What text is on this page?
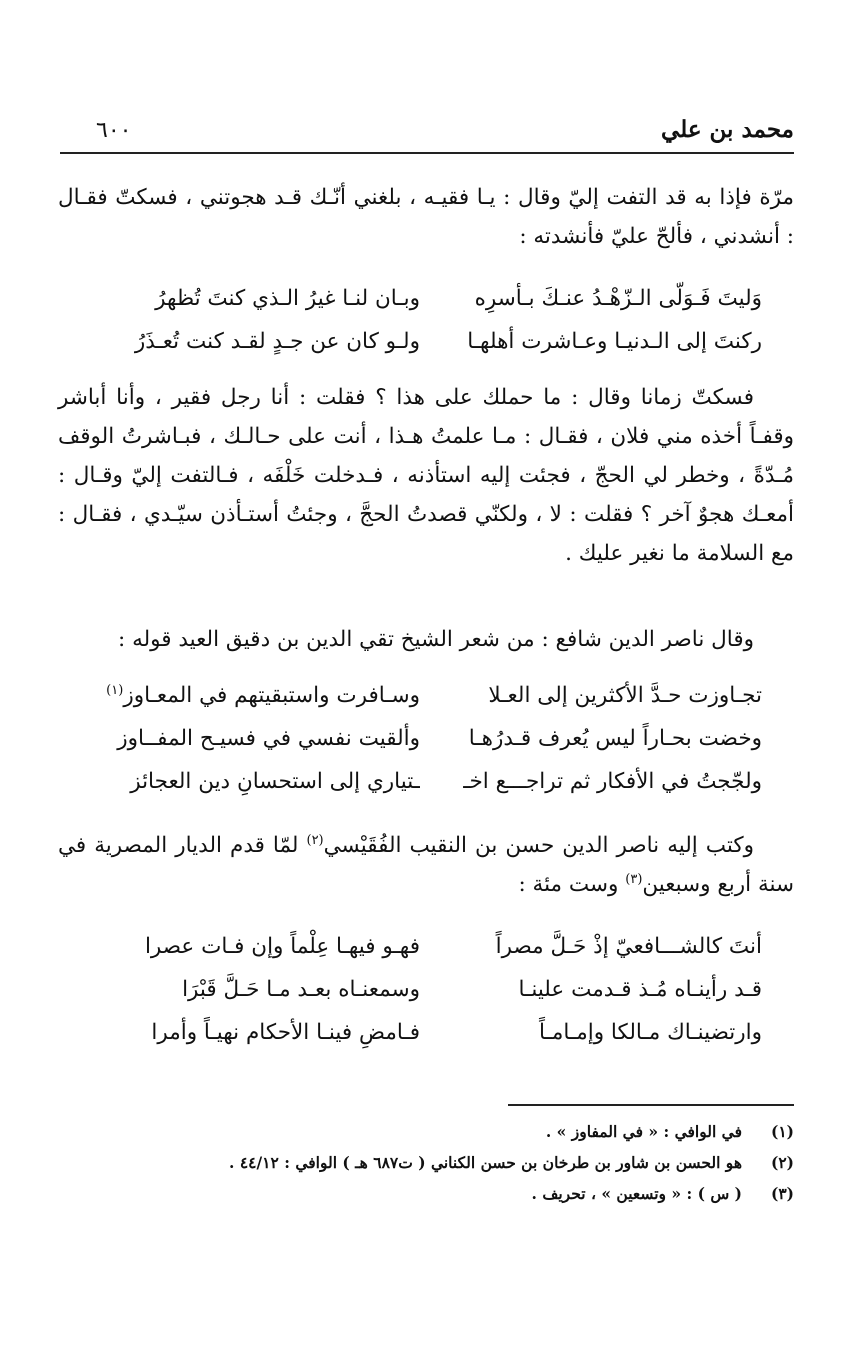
محمد بن علي
٦٠٠

مرّة فإذا به قد التفت إليّ وقال : يـا فقيـه ، بلغني أنّـك قـد هجوتني ، فسكتّ فقـال : أنشدني ، فألحّ عليّ فأنشدته :

وَليتَ فَـوَلّى الـزّهْـدُ عنـكَ بـأسرِه
وبـان لنـا غيرُ الـذي كنتَ تُظهرُ
ركنتَ إلى الـدنيـا وعـاشرت أهلهـا
ولـو كان عن جـدٍ لقـد كنت تُعـذَرُ

فسكتّ زمانا وقال : ما حملك على هذا ؟ فقلت : أنا رجل فقير ، وأنا أباشر وقفـاً أخذه مني فلان ، فقـال : مـا علمتُ هـذا ، أنت على حـالـك ، فبـاشرتُ الوقف مُـدّةً ، وخطر لي الحجّ ، فجئت إليه استأذنه ، فـدخلت خَلْفَه ، فـالتفت إليّ وقـال : أمعـك هجوٌ آخر ؟ فقلت : لا ، ولكنّي قصدتُ الحجَّ ، وجئتُ أستـأذن سيّـدي ، فقـال : مع السلامة ما نغير عليك .

وقال ناصر الدين شافع : من شعر الشيخ تقي الدين بن دقيق العيد قوله :

تجـاوزت حـدَّ الأكثرين إلى العـلا
وسـافرت واستبقيتهم في المعـاوز$^{(١)}$
وخضت بحـاراً ليس يُعرف قـدرُهـا
وألقيت نفسي في فسيـح المفــاوز
ولجّجتُ في الأفكار ثم تراجـــع اخـ
ـتياري إلى استحسانِ دين العجائز

وكتب إليه ناصر الدين حسن بن النقيب الفُقَيْسي$^{(٢)}$ لمّا قدم الديار المصرية في سنة أربع وسبعين$^{(٣)}$ وست مئة :

أنتَ كالشـــافعيّ إذْ حَـلَّ مصراً
فهـو فيهـا عِلْماً وإن فـات عصرا
قـد رأينـاه مُـذ قـدمت علينـا
وسمعنـاه بعـد مـا حَـلَّ قَبْرَا
وارتضينـاك مـالكا وإمـامـاً
فـامضِ فينـا الأحكام نهيـاً وأمرا
(١)
في الوافي : « في المفاوز » .
(٢)
هو الحسن بن شاور بن طرخان بن حسن الكناني ( ت٦٨٧ هـ ) الوافي : ٤٤/١٢ .
(٣)
( س ) : « وتسعين » ، تحريف .
